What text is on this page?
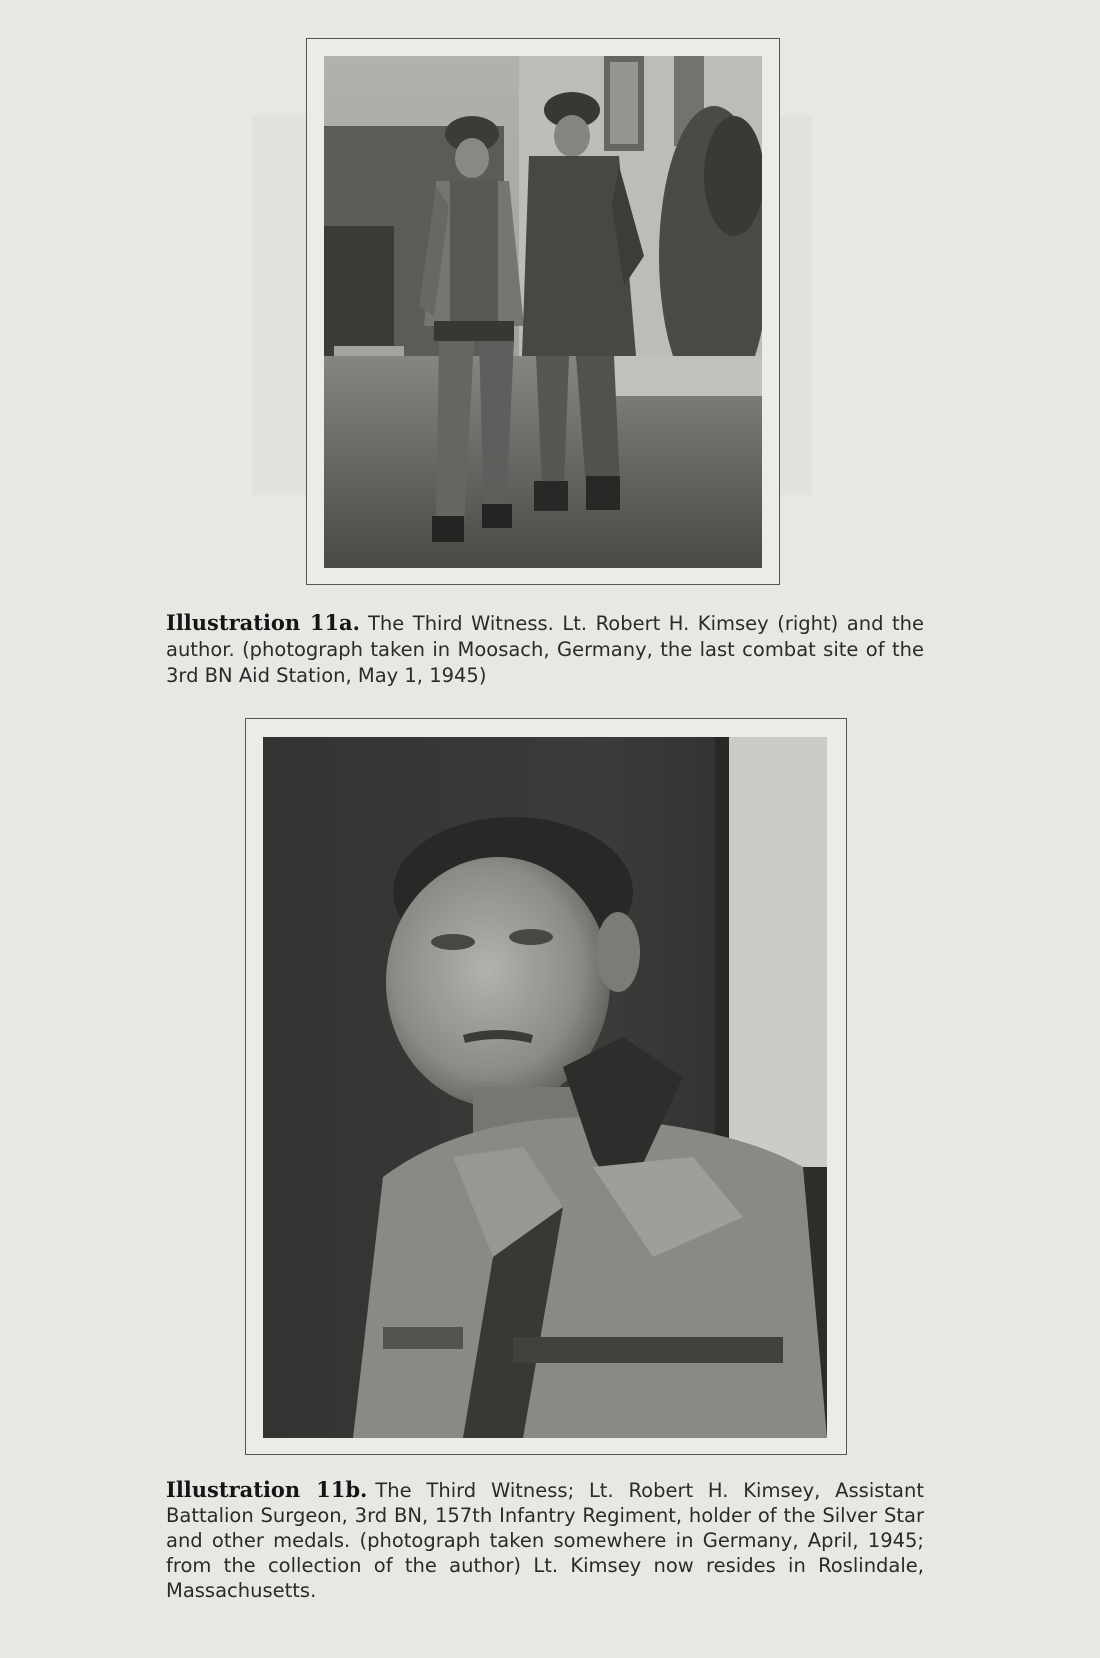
Illustration 11a. The Third Witness. Lt. Robert H. Kimsey (right) and the author. (photograph taken in Moosach, Germany, the last combat site of the 3rd BN Aid Station, May 1, 1945)

Illustration 11b. The Third Witness; Lt. Robert H. Kimsey, Assistant Battalion Surgeon, 3rd BN, 157th Infantry Regiment, holder of the Silver Star and other medals. (photograph taken somewhere in Germany, April, 1945; from the collection of the author) Lt. Kimsey now resides in Roslindale, Massachusetts.
